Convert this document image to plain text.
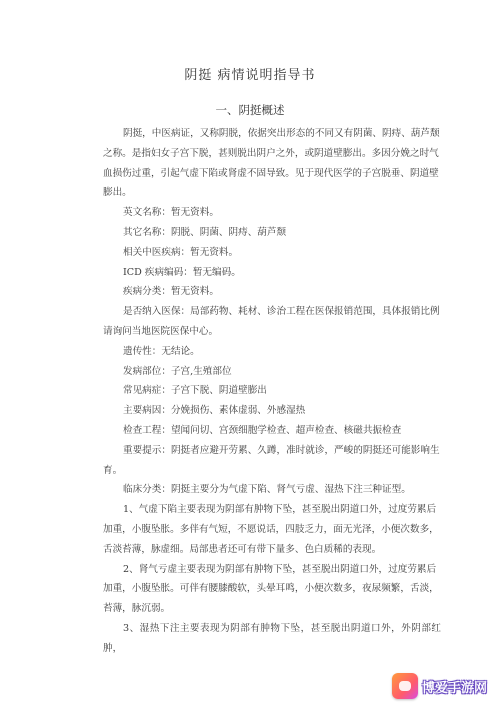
阴挺 病情说明指导书
一、阴挺概述

阴挺，中医病证，又称阴脱，依据突出形态的不同又有阴菌、阴痔、葫芦颓

之称。是指妇女子宫下脱，甚则脱出阴户之外，或阴道壁膨出。多因分娩之时气

血损伤过重，引起气虚下陷或肾虚不固导致。见于现代医学的子宫脱垂、阴道壁

膨出。

英文名称：暂无资料。

其它名称：阴脱、阴菌、阴痔、葫芦颓

相关中医疾病：暂无资料。

ICD 疾病编码：暂无编码。

疾病分类：暂无资料。

是否纳入医保：局部药物、耗材、诊治工程在医保报销范围，具体报销比例

请询问当地医院医保中心。

遗传性：无结论。

发病部位：子宫,生殖部位

常见病症：子宫下脱、阴道壁膨出

主要病因：分娩损伤、素体虚弱、外感湿热

检查工程：望闻问切、宫颈细胞学检查、超声检查、核磁共振检查

重要提示：阴挺者应避开劳累、久蹲，准时就诊，严峻的阴挺还可能影响生

育。

临床分类：阴挺主要分为气虚下陷、肾气亏虚、湿热下注三种证型。

1、气虚下陷主要表现为阴部有肿物下坠，甚至脱出阴道口外，过度劳累后

加重，小腹坠胀。多伴有气短，不愿说话，四肢乏力，面无光泽，小便次数多，

舌淡苔薄，脉虚细。局部患者还可有带下量多、色白质稀的表现。

2、肾气亏虚主要表现为阴部有肿物下坠，甚至脱出阴道口外，过度劳累后

加重，小腹坠胀。可伴有腰膝酸软，头晕耳鸣，小便次数多，夜尿频繁，舌淡，

苔薄，脉沉弱。

3、湿热下注主要表现为阴部有肿物下坠，甚至脱出阴道口外，外阴部红肿，

博爱手游网
